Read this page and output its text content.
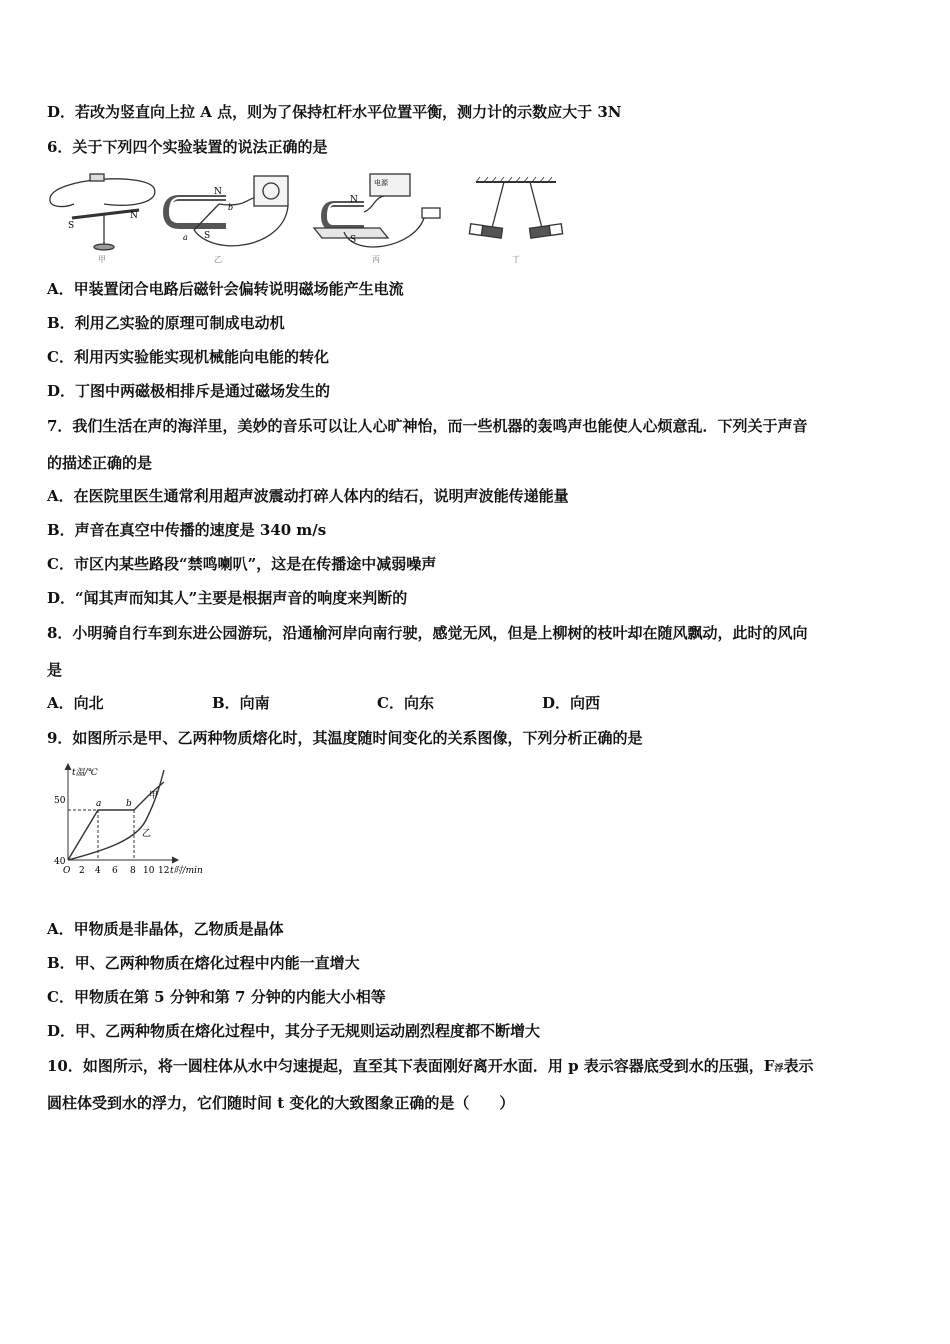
D．若改为竖直向上拉 A 点，则为了保持杠杆水平位置平衡，测力计的示数应大于 3N
6．关于下列四个实验装置的说法正确的是
S
N
甲
N
S
a
b
乙
电源
N
S
丙	丁
A．甲装置闭合电路后磁针会偏转说明磁场能产生电流
B．利用乙实验的原理可制成电动机
C．利用丙实验能实现机械能向电能的转化
D．丁图中两磁极相排斥是通过磁场发生的
7．我们生活在声的海洋里，美妙的音乐可以让人心旷神怡，而一些机器的轰鸣声也能使人心烦意乱．下列关于声音
的描述正确的是
A．在医院里医生通常利用超声波震动打碎人体内的结石，说明声波能传递能量
B．声音在真空中传播的速度是 340 m/s
C．市区内某些路段“禁鸣喇叭”，这是在传播途中减弱噪声
D．“闻其声而知其人”主要是根据声音的响度来判断的
8．小明骑自行车到东进公园游玩，沿通榆河岸向南行驶，感觉无风，但是上柳树的枝叶却在随风飘动，此时的风向
是
A．向北	B．向南	C．向东	D．向西
9．如图所示是甲、乙两种物质熔化时，其温度随时间变化的关系图像，下列分析正确的是
t温/℃
50
40
O 2 4 6 8 10 12 t时/min
a	b
甲
乙
A．甲物质是非晶体，乙物质是晶体
B．甲、乙两种物质在熔化过程中内能一直增大
C．甲物质在第 5 分钟和第 7 分钟的内能大小相等
D．甲、乙两种物质在熔化过程中，其分子无规则运动剧烈程度都不断增大
10．如图所示，将一圆柱体从水中匀速提起，直至其下表面刚好离开水面．用 p 表示容器底受到水的压强，F浮表示
圆柱体受到水的浮力，它们随时间 t 变化的大致图象正确的是（　　）
